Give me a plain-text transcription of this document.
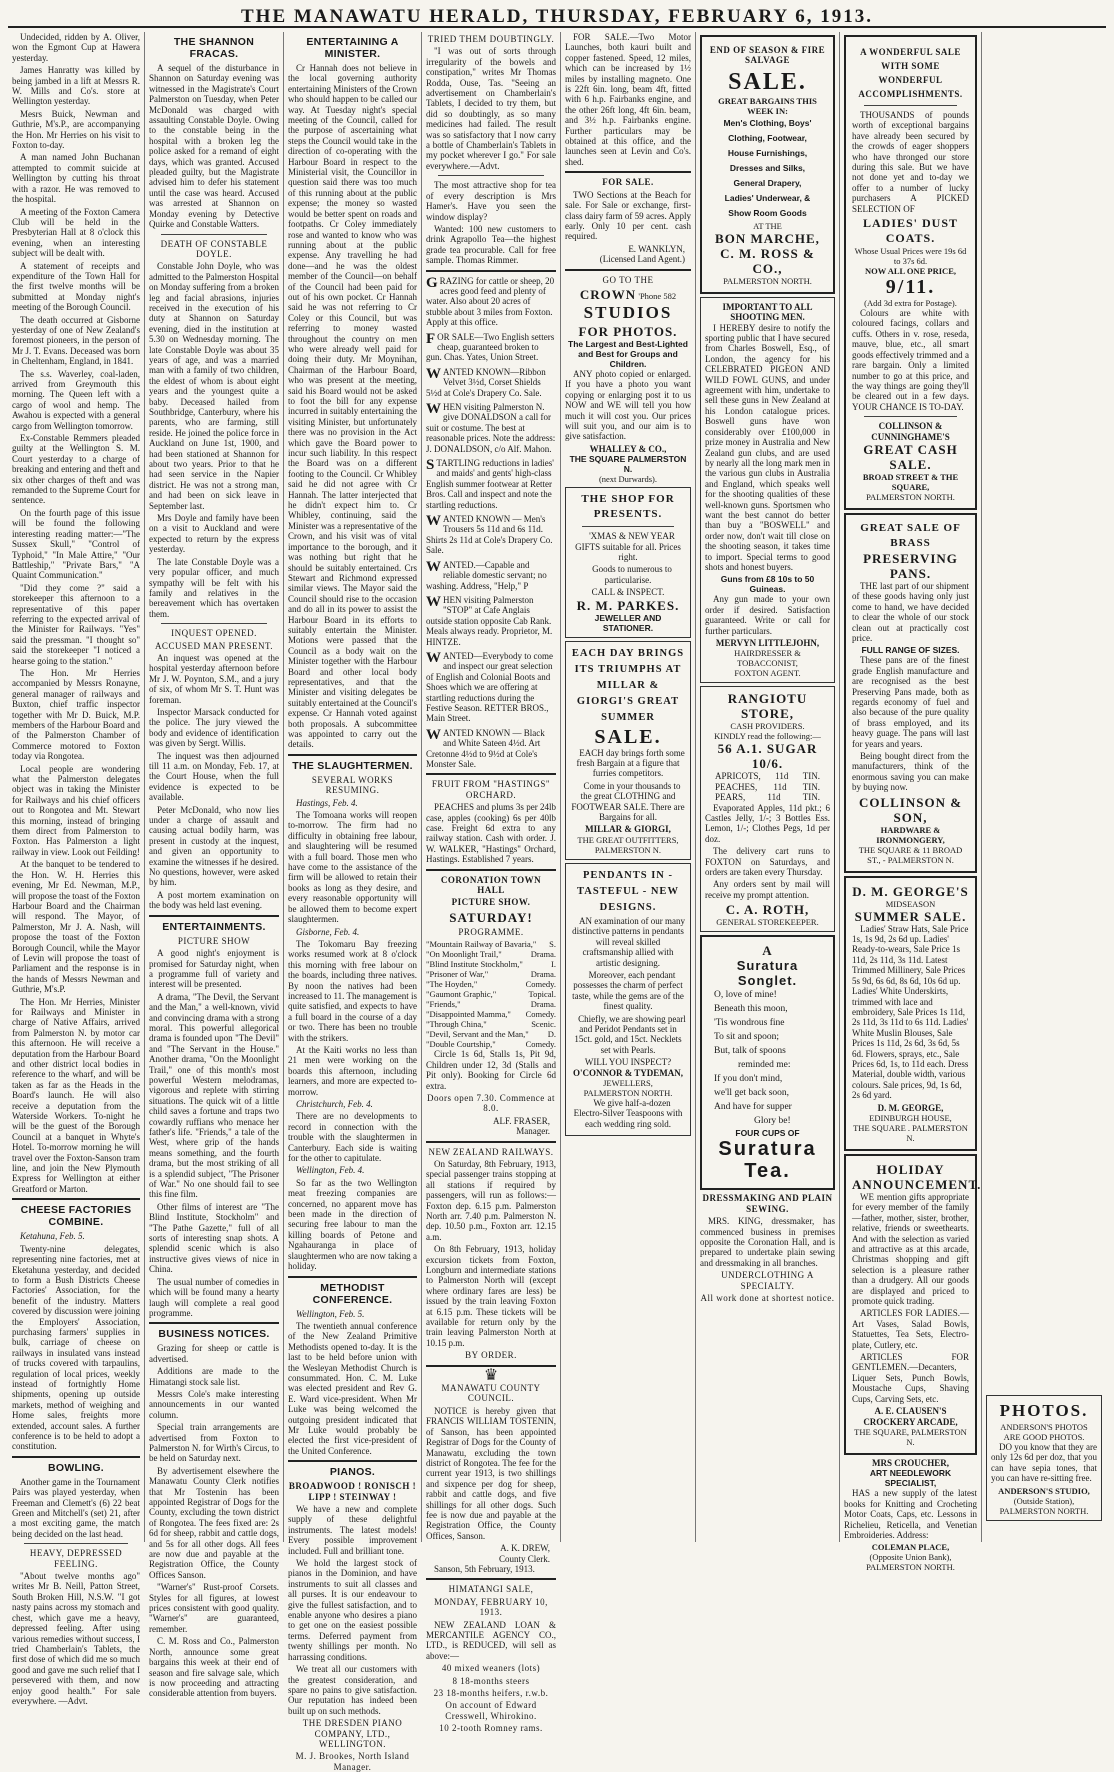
THE MANAWATU HERALD, THURSDAY, FEBRUARY 6, 1913.

Undecided, ridden by A. Oliver, won the Egmont Cup at Hawera yesterday.

James Hanratty was killed by being jambed in a lift at Messrs R. W. Mills and Co's. store at Wellington yesterday.

Mesrs Buick, Newman and Guthrie, M's.P., are accompanying the Hon. Mr Herries on his visit to Foxton to-day.

A man named John Buchanan attempted to commit suicide at Wellington by cutting his throat with a razor. He was removed to the hospital.

A meeting of the Foxton Camera Club will be held in the Presbyterian Hall at 8 o'clock this evening, when an interesting subject will be dealt with.

A statement of receipts and expenditure of the Town Hall for the first twelve months will be submitted at Monday night's meeting of the Borough Council.

The death occurred at Gisborne yesterday of one of New Zealand's foremost pioneers, in the person of Mr J. T. Evans. Deceased was born in Cheltenham, England, in 1841.

The s.s. Waverley, coal-laden, arrived from Greymouth this morning. The Queen left with a cargo of wool and hemp. The Awahou is expected with a general cargo from Wellington tomorrow.

Ex-Constable Remmers pleaded guilty at the Wellington S. M. Court yesterday to a charge of breaking and entering and theft and six other charges of theft and was remanded to the Supreme Court for sentence.

On the fourth page of this issue will be found the following interesting reading matter:—"The Sussex Skull," "Control of Typhoid," "In Male Attire," "Our Battleship," "Private Bars," "A Quaint Communication."

"Did they come ?" said a storekeeper this afternoon to a representative of this paper referring to the expected arrival of the Minister for Railways. "Yes" said the pressman. "I thought so" said the storekeeper "I noticed a hearse going to the station."

The Hon. Mr Herries accompanied by Messrs Ronayne, general manager of railways and Buxton, chief traffic inspector together with Mr D. Buick, M.P. members of the Harbour Board and of the Palmerston Chamber of Commerce motored to Foxton today via Rongotea.

Local people are wondering what the Palmerston delegates object was in taking the Minister for Railways and his chief officers out to Rongotea and Mt. Stewart this morning, instead of bringing them direct from Palmerston to Foxton. Has Palmerston a light railway in view. Look out Feilding!

At the banquet to be tendered to the Hon. W. H. Herries this evening, Mr Ed. Newman, M.P., will propose the toast of the Foxton Harbour Board and the Chairman will respond. The Mayor, of Palmerston, Mr J. A. Nash, will propose the toast of the Foxton Borough Council, while the Mayor of Levin will propose the toast of Parliament and the response is in the hands of Messrs Newman and Guthrie, M's.P.

The Hon. Mr Herries, Minister for Railways and Minister in charge of Native Affairs, arrived from Palmerston N. by motor car this afternoon. He will receive a deputation from the Harbour Board and other district local bodies in reference to the wharf, and will be taken as far as the Heads in the Board's launch. He will also receive a deputation from the Waterside Workers. To-night he will be the guest of the Borough Council at a banquet in Whyte's Hotel. To-morrow morning he will travel over the Foxton-Sanson tram line, and join the New Plymouth Express for Wellington at either Greatford or Marton.

CHEESE FACTORIES COMBINE.

Ketahuna, Feb. 5.

Twenty-nine delegates, representing nine factories, met at Eketahuna yesterday, and decided to form a Bush Districts Cheese Factories' Association, for the benefit of the industry. Matters covered by discussion were joining the Employers' Association, purchasing farmers' supplies in bulk, carriage of cheese on railways in insulated vans instead of trucks covered with tarpaulins, regulation of local prices, weekly instead of fortnightly Home shipments, opening up outside markets, method of weighing and Home sales, freights more extended, account sales. A further conference is to be held to adopt a constitution.

BOWLING.

Another game in the Tournament Pairs was played yesterday, when Freeman and Clemett's (6) 22 beat Green and Mitchell's (set) 21, after a most exciting game, the match being decided on the last head.

HEAVY, DEPRESSED FEELING.

"About twelve months ago" writes Mr B. Neill, Patton Street, South Broken Hill, N.S.W. "I got nasty pains across my stomach and chest, which gave me a heavy, depressed feeling. After using various remedies without success, I tried Chamberlain's Tablets, the first dose of which did me so much good and gave me such relief that I persevered with them, and now enjoy good health." For sale everywhere. —Advt.

THE SHANNON FRACAS.

A sequel of the disturbance in Shannon on Saturday evening was witnessed in the Magistrate's Court Palmerston on Tuesday, when Peter McDonald was charged with assaulting Constable Doyle. Owing to the constable being in the hospital with a broken leg the police asked for a remand of eight days, which was granted. Accused pleaded guilty, but the Magistrate advised him to defer his statement until the case was heard. Accused was arrested at Shannon on Monday evening by Detective Quirke and Constable Watters.

DEATH OF CONSTABLE DOYLE.

Constable John Doyle, who was admitted to the Palmerston Hospital on Monday suffering from a broken leg and facial abrasions, injuries received in the execution of his duty at Shannon on Saturday evening, died in the institution at 5.30 on Wednesday morning. The late Constable Doyle was about 35 years of age, and was a married man with a family of two children, the eldest of whom is about eight years and the youngest quite a baby. Deceased hailed from Southbridge, Canterbury, where his parents, who are farming, still reside. He joined the police force in Auckland on June 1st, 1900, and had been stationed at Shannon for about two years. Prior to that he had seen service in the Napier district. He was not a strong man, and had been on sick leave in September last.

Mrs Doyle and family have been on a visit to Auckland and were expected to return by the express yesterday.

The late Constable Doyle was a very popular officer, and much sympathy will be felt with his family and relatives in the bereavement which has overtaken them.

INQUEST OPENED.
ACCUSED MAN PRESENT.

An inquest was opened at the hospital yesterday afternoon before Mr J. W. Poynton, S.M., and a jury of six, of whom Mr S. T. Hunt was foreman.

Inspector Marsack conducted for the police. The jury viewed the body and evidence of identification was given by Sergt. Willis.

The inquest was then adjourned till 11 a.m. on Monday, Feb. 17, at the Court House, when the full evidence is expected to be available.

Peter McDonald, who now lies under a charge of assault and causing actual bodily harm, was present in custody at the inquest, and given an opportunity to examine the witnesses if he desired. No questions, however, were asked by him.

A post mortem examination on the body was held last evening.

ENTERTAINMENTS.
PICTURE SHOW

A good night's enjoyment is promised for Saturday night, when a programme full of variety and interest will be presented.

A drama, "The Devil, the Servant and the Man," a well-known, vivid and convincing drama with a strong moral. This powerful allegorical drama is founded upon "The Devil" and "The Servant in the House." Another drama, "On the Moonlight Trail," one of this month's most powerful Western melodramas, vigorous and replete with stirring situations. The quick wit of a little child saves a fortune and traps two cowardly ruffians who menace her father's life. "Friends," a tale of the West, where grip of the hands means something, and the fourth drama, but the most striking of all is a splendid subject, "The Prisoner of War." No one should fail to see this fine film.

Other films of interest are "The Blind Institute, Stockholm" and "The Pathe Gazette," full of all sorts of interesting snap shots. A splendid scenic which is also instructive gives views of nice in China.

The usual number of comedies in which will be found many a hearty laugh will complete a real good programme.

BUSINESS NOTICES.

Grazing for sheep or cattle is advertised.

Additions are made to the Himatangi stock sale list.

Messrs Cole's make interesting announcements in our wanted column.

Special train arrangements are advertised from Foxton to Palmerston N. for Wirth's Circus, to be held on Saturday next.

By advertisement elsewhere the Manawatu County Clerk notifies that Mr Tostenin has been appointed Registrar of Dogs for the County, excluding the town district of Rongotea. The fees fixed are: 2s 6d for sheep, rabbit and cattle dogs, and 5s for all other dogs. All fees are now due and payable at the Registration Office, the County Offices Sanson.

"Warner's" Rust-proof Corsets. Styles for all figures, at lowest prices consistent with good quality. "Warner's" are guaranteed, remember.

C. M. Ross and Co., Palmerston North, announce some great bargains this week at their end of season and fire salvage sale, which is now proceeding and attracting considerable attention from buyers.

ENTERTAINING A MINISTER.

Cr Hannah does not believe in the local governing authority entertaining Ministers of the Crown who should happen to be called our way. At Tuesday night's special meeting of the Council, called for the purpose of ascertaining what steps the Council would take in the direction of co-operating with the Harbour Board in respect to the Ministerial visit, the Councillor in question said there was too much of this running about at the public expense; the money so wasted would be better spent on roads and footpaths. Cr Coley immediately rose and wanted to know who was running about at the public expense. Any travelling he had done—and he was the oldest member of the Council—on behalf of the Council had been paid for out of his own pocket. Cr Hannah said he was not referring to Cr Coley or this Council, but was referring to money wasted throughout the country on men who were already well paid for doing their duty. Mr Moynihan, Chairman of the Harbour Board, who was present at the meeting, said his Board would not be asked to foot the bill for any expense incurred in suitably entertaining the visiting Minister, but unfortunately there was no provision in the Act which gave the Board power to incur such liability. In this respect the Board was on a different footing to the Council. Cr Whibley said he did not agree with Cr Hannah. The latter interjected that he didn't expect him to. Cr Whibley, continuing, said the Minister was a representative of the Crown, and his visit was of vital importance to the borough, and it was nothing but right that he should be suitably entertained. Crs Stewart and Richmond expressed similar views. The Mayor said the Council should rise to the occasion and do all in its power to assist the Harbour Board in its efforts to suitably entertain the Minister. Motions were passed that the Council as a body wait on the Minister together with the Harbour Board and other local body representatives, and that the Minister and visiting delegates be suitably entertained at the Council's expense. Cr Hannah voted against both proposals. A subcommittee was appointed to carry out the details.

THE SLAUGHTERMEN.
SEVERAL WORKS RESUMING.

Hastings, Feb. 4.

The Tomoana works will reopen to-morrow. The firm had no difficulty in obtaining free labour, and slaughtering will be resumed with a full board. Those men who have come to the assistance of the firm will be allowed to retain their books as long as they desire, and every reasonable opportunity will be allowed them to become expert slaughtermen.

Gisborne, Feb. 4.

The Tokomaru Bay freezing works resumed work at 8 o'clock this morning with free labour on the boards, including three natives. By noon the natives had been increased to 11. The management is quite satisfied, and expects to have a full board in the course of a day or two. There has been no trouble with the strikers.

At the Kaiti works no less than 21 men were working on the boards this afternoon, including learners, and more are expected to-morrow.

Christchurch, Feb. 4.

There are no developments to record in connection with the trouble with the slaughtermen in Canterbury. Each side is waiting for the other to capitulate.

Wellington, Feb. 4.

So far as the two Wellington meat freezing companies are concerned, no apparent move has been made in the direction of securing free labour to man the killing boards of Petone and Ngahauranga in place of slaughtermen who are now taking a holiday.

METHODIST CONFERENCE.

Wellington, Feb. 5.

The twentieth annual conference of the New Zealand Primitive Methodists opened to-day. It is the last to be held before union with the Wesleyan Methodist Church is consummated. Hon. C. M. Luke was elected president and Rev G. E. Ward vice-president. When Mr Luke was being welcomed the outgoing president indicated that Mr Luke would probably be elected the first vice-president of the United Conference.

PIANOS.
BROADWOOD ! RONISCH ! LIPP ! STEINWAY !

We have a new and complete supply of these delightful instruments. The latest models! Every possible improvement included. Full and brilliant tone.

We hold the largest stock of pianos in the Dominion, and have instruments to suit all classes and all purses. It is our endeavour to give the fullest satisfaction, and to enable anyone who desires a piano to get one on the easiest possible terms. Deferred payment from twenty shillings per month. No harrassing conditions.

We treat all our customers with the greatest consideration, and spare no pains to give satisfaction. Our reputation has indeed been built up on such methods.

THE DRESDEN PIANO COMPANY, LTD., WELLINGTON.
M. J. Brookes, North Island Manager.
TRIED THEM DOUBTINGLY.

"I was out of sorts through irregularity of the bowels and constipation," writes Mr Thomas Rodda, Ouse, Tas. "Seeing an advertisement on Chamberlain's Tablets, I decided to try them, but did so doubtingly, as so many medicines had failed. The result was so satisfactory that I now carry a bottle of Chamberlain's Tablets in my pocket wherever I go." For sale everywhere.—Advt.

The most attractive shop for tea of every description is Mrs Hamer's. Have you seen the window display?

Wanted: 100 new customers to drink Agrapollo Tea—the highest grade tea procurable. Call for free sample. Thomas Rimmer.

GRAZING for cattle or sheep, 20 acres good feed and plenty of water. Also about 20 acres of stubble about 3 miles from Foxton. Apply at this office.
FOR SALE—Two English setters cheap, guaranteed broken to gun. Chas. Yates, Union Street.
WANTED KNOWN—Ribbon Velvet 3½d, Corset Shields 5½d at Cole's Drapery Co. Sale.
WHEN visiting Palmerston N. give DONALDSON a call for suit or costume. The best at reasonable prices. Note the address: J. DONALDSON, c/o Alf. Mahon.
STARTLING reductions in ladies' and maids' and gents' high-class English summer footwear at Retter Bros. Call and inspect and note the startling reductions.
WANTED KNOWN — Men's Trousers 5s 11d and 6s 11d. Shirts 2s 11d at Cole's Drapery Co. Sale.
WANTED.—Capable and reliable domestic servant; no washing. Address, "Help," P
WHEN visiting Palmerston "STOP" at Cafe Anglais outside station opposite Cab Rank. Meals always ready. Proprietor, M. HINTZE.
WANTED—Everybody to come and inspect our great selection of English and Colonial Boots and Shoes which we are offering at startling reductions during the Festive Season. RETTER BROS., Main Street.
WANTED KNOWN — Black and White Sateen 4½d. Art Cretonne 4½d to 9½d at Cole's Monster Sale.
FRUIT FROM "HASTINGS" ORCHARD.

PEACHES and plums 3s per 24lb case, apples (cooking) 6s per 40lb case. Freight 6d extra to any railway station. Cash with order. J. W. WALKER, "Hastings" Orchard, Hastings. Established 7 years.

CORONATION TOWN HALL
PICTURE SHOW.
SATURDAY!
PROGRAMME.
"Mountain Railway of Bavaria," S.
"On Moonlight Trail,"	Drama.
"Blind Institute Stockholm,"	I.
"Prisoner of War,"	Drama.
"The Hoyden,"	Comedy.
"Gaumont Graphic,"	Topical.
"Friends,"	Drama.
"Disappointed Mamma," Comedy.
"Through China,"	Scenic.
"Devil, Servant and the Man," D.
"Double Courtship,"	Comedy.

Circle 1s 6d, Stalls 1s, Pit 9d, Children under 12, 3d (Stalls and Pit only). Booking for Circle 6d extra.

Doors open 7.30. Commence at 8.0.
ALF. FRASER,
Manager.
NEW ZEALAND RAILWAYS.

On Saturday, 8th February, 1913, special passenger trains stopping at all stations if required by passengers, will run as follows:— Foxton dep. 6.15 p.m. Palmerston North arr. 7.40 p.m. Palmerston N. dep. 10.50 p.m., Foxton arr. 12.15 a.m.

On 8th February, 1913, holiday excursion tickets from Foxton, Longburn and intermediate stations to Palmerston North will (except where ordinary fares are less) be issued by the train leaving Foxton at 6.15 p.m. These tickets will be available for return only by the train leaving Palmerston North at 10.15 p.m.

BY ORDER.
♛
MANAWATU COUNTY COUNCIL.

NOTICE is hereby given that FRANCIS WILLIAM TOSTENIN, of Sanson, has been appointed Registrar of Dogs for the County of Manawatu, excluding the town district of Rongotea. The fee for the current year 1913, is two shillings and sixpence per dog for sheep, rabbit and cattle dogs, and five shillings for all other dogs. Such fee is now due and payable at the Registration Office, the County Offices, Sanson.

A. K. DREW,
County Clerk.

Sanson, 5th February, 1913.

HIMATANGI SALE,
MONDAY, FEBRUARY 10, 1913.

NEW ZEALAND LOAN & MERCANTILE AGENCY CO., LTD., is REDUCED, will sell as above:—

40 mixed weaners (lots)
8 18-months steers
23 18-months heifers, r.w.b.
On account of Edward Cresswell, Whirokino.
10 2-tooth Romney rams.

FOR SALE.—Two Motor Launches, both kauri built and copper fastened. Speed, 12 miles, which can be increased by 1½ miles by installing magneto. One is 22ft 6in. long, beam 4ft, fitted with 6 h.p. Fairbanks engine, and the other 26ft long, 4ft 6in. beam, and 3½ h.p. Fairbanks engine. Further particulars may be obtained at this office, and the launches seen at Levin and Co's. shed.

FOR SALE.

TWO Sections at the Beach for sale. For Sale or exchange, first-class dairy farm of 59 acres. Apply early. Only 10 per cent. cash required.

E. WANKLYN,
(Licensed Land Agent.)
GO TO THE
CROWN 'Phone 582
STUDIOS
FOR PHOTOS.
The Largest and Best-Lighted and Best for Groups and Children.

ANY photo copied or enlarged. If you have a photo you want copying or enlarging post it to us NOW and WE will tell you how much it will cost you. Our prices will suit you, and our aim is to give satisfaction.

WHALLEY & CO.,
THE SQUARE PALMERSTON N.
(next Durwards).
THE SHOP FOR PRESENTS.

'XMAS & NEW YEAR GIFTS suitable for all. Prices right.

Goods to numerous to particularise.

CALL & INSPECT.
R. M. PARKES.
JEWELLER AND STATIONER.
EACH DAY BRINGS ITS TRIUMPHS AT MILLAR & GIORGI'S GREAT SUMMER
SALE.

EACH day brings forth some fresh Bargain at a figure that furries competitors.

Come in your thousands to the great CLOTHING and FOOTWEAR SALE. There are Bargains for all.

MILLAR & GIORGI,
THE GREAT OUTFITTERS,
PALMERSTON N.
PENDANTS IN - TASTEFUL - NEW DESIGNS.

AN examination of our many distinctive patterns in pendants will reveal skilled craftsmanship allied with artistic designing.

Moreover, each pendant possesses the charm of perfect taste, while the gems are of the finest quality.

Chiefly, we are showing pearl and Peridot Pendants set in 15ct. gold, and 15ct. Necklets set with Pearls.

WILL YOU INSPECT?
O'CONNOR & TYDEMAN,
JEWELLERS,
PALMERSTON NORTH.

We give half-a-dozen Electro-Silver Teaspoons with each wedding ring sold.

END OF SEASON & FIRE SALVAGE
SALE.
GREAT BARGAINS THIS WEEK IN:
Men's Clothing, Boys'
Clothing, Footwear,
House Furnishings,
Dresses and Silks,
General Drapery,
Ladies' Underwear, &
Show Room Goods
AT THE
BON MARCHE,
C. M. ROSS & CO.,
PALMERSTON NORTH.
IMPORTANT TO ALL SHOOTING MEN.

I HEREBY desire to notify the sporting public that I have secured from Charles Boswell, Esq., of London, the agency for his CELEBRATED PIGEON AND WILD FOWL GUNS, and under agreement with him, undertake to sell these guns in New Zealand at his London catalogue prices. Boswell guns have won considerably over £100,000 in prize money in Australia and New Zealand gun clubs, and are used by nearly all the long mark men in the various gun clubs in Australia and England, which speaks well for the shooting qualities of these well-known guns. Sportsmen who want the best cannot do better than buy a "BOSWELL" and order now, don't wait till close on the shooting season, it takes time to import. Special terms to good shots and honest buyers.

Guns from £8 10s to 50 Guineas.

Any gun made to your own order if desired. Satisfaction guaranteed. Write or call for further particulars.

MERVYN LITTLEJOHN,
HAIRDRESSER & TOBACCONIST,
FOXTON AGENT.
RANGIOTU STORE,
CASH PROVIDERS.
KINDLY read the following:—
56 A.1. SUGAR 10/6.
APRICOTS, 11d TIN.
PEACHES, 11d TIN.
PEARS, 11d TIN.

Evaporated Apples, 11d pkt.; 6 Castles Jelly, 1/-; 3 Bottles Ess. Lemon, 1/-; Clothes Pegs, 1d per doz.

The delivery cart runs to FOXTON on Saturdays, and orders are taken every Thursday.

Any orders sent by mail will receive my prompt attention.

C. A. ROTH,
GENERAL STOREKEEPER.
A
Suratura Songlet.
O, love of mine!
Beneath this moon,
'Tis wondrous fine
To sit and spoon;
But, talk of spoons
reminded me:
If you don't mind,
we'll get back soon,
And have for supper
Glory be!
FOUR CUPS OF
Suratura Tea.
DRESSMAKING AND PLAIN SEWING.

MRS. KING, dressmaker, has commenced business in premises opposite the Coronation Hall, and is prepared to undertake plain sewing and dressmaking in all branches.

UNDERCLOTHING A SPECIALTY.
All work done at shortest notice.
A WONDERFUL SALE WITH SOME WONDERFUL ACCOMPLISHMENTS.

THOUSANDS of pounds worth of exceptional bargains have already been secured by the crowds of eager shoppers who have thronged our store during this sale. But we have not done yet and to-day we offer to a number of lucky purchasers A PICKED SELECTION OF

LADIES' DUST COATS.
Whose Usual Prices were 19s 6d to 37s 6d.
NOW ALL ONE PRICE,
9/11.
(Add 3d extra for Postage).

Colours are white with coloured facings, collars and cuffs. Others in v. rose, reseda, mauve, blue, etc., all smart goods effectively trimmed and a rare bargain. Only a limited number to go at this price, and the way things are going they'll be cleared out in a few days. YOUR CHANCE IS TO-DAY.

COLLINSON & CUNNINGHAME'S
GREAT CASH SALE.
BROAD STREET & THE SQUARE,
PALMERSTON NORTH.
GREAT SALE OF BRASS
PRESERVING PANS.

THE last part of our shipment of these goods having only just come to hand, we have decided to clear the whole of our stock clean out at practically cost price.

FULL RANGE OF SIZES.

These pans are of the finest grade English manufacture and are recognised as the best Preserving Pans made, both as regards economy of fuel and also because of the pure quality of brass employed, and its heavy guage. The pans will last for years and years.

Being bought direct from the manufacturers, think of the enormous saving you can make by buying now.

COLLINSON & SON,
HARDWARE & IRONMONGERY,
THE SQUARE & 11 BROAD ST., - PALMERSTON N.
D. M. GEORGE'S
MIDSEASON
SUMMER SALE.

Ladies' Straw Hats, Sale Price 1s, 1s 9d, 2s 6d up. Ladies' Ready-to-wears, Sale Price 1s 11d, 2s 11d, 3s 11d. Latest Trimmed Millinery, Sale Prices 5s 9d, 6s 6d, 8s 6d, 10s 6d up. Ladies' White Underskirts, trimmed with lace and embroidery, Sale Prices 1s 11d, 2s 11d, 3s 11d to 6s 11d. Ladies' White Muslin Blouses, Sale Prices 1s 11d, 2s 6d, 3s 6d, 5s 6d. Flowers, sprays, etc., Sale Prices 6d, 1s, to 11d each. Dress Material, double width, various colours. Sale prices, 9d, 1s 6d, 2s 6d yard.

D. M. GEORGE,
EDINBURGH HOUSE,
THE SQUARE . PALMERSTON N.
HOLIDAY
ANNOUNCEMENT.

WE mention gifts appropriate for every member of the family—father, mother, sister, brother, relative, friends or sweethearts. And with the selection as varied and attractive as at this arcade, Christmas shopping and gift selection is a pleasure rather than a drudgery. All our goods are displayed and priced to promote quick trading.

ARTICLES FOR LADIES.—Art Vases, Salad Bowls, Statuettes, Tea Sets, Electro-plate, Cutlery, etc.

ARTICLES FOR GENTLEMEN.—Decanters, Liquer Sets, Punch Bowls, Moustache Cups, Shaving Cups, Carving Sets, etc.

A. E. CLAUSEN'S CROCKERY ARCADE,
THE SQUARE, PALMERSTON N.
MRS CROUCHER,
ART NEEDLEWORK SPECIALIST,

HAS a new supply of the latest books for Knitting and Crocheting Motor Coats, Caps, etc. Lessons in Richelieu, Reticella, and Venetian Embroideries. Address:

COLEMAN PLACE,
(Opposite Union Bank),
PALMERSTON NORTH.
PHOTOS.
ANDERSON'S PHOTOS ARE GOOD PHOTOS.

DO you know that they are only 12s 6d per doz, that you can have sepia tones, that you can have re-sitting free.

ANDERSON'S STUDIO,
(Outside Station),
PALMERSTON NORTH.
